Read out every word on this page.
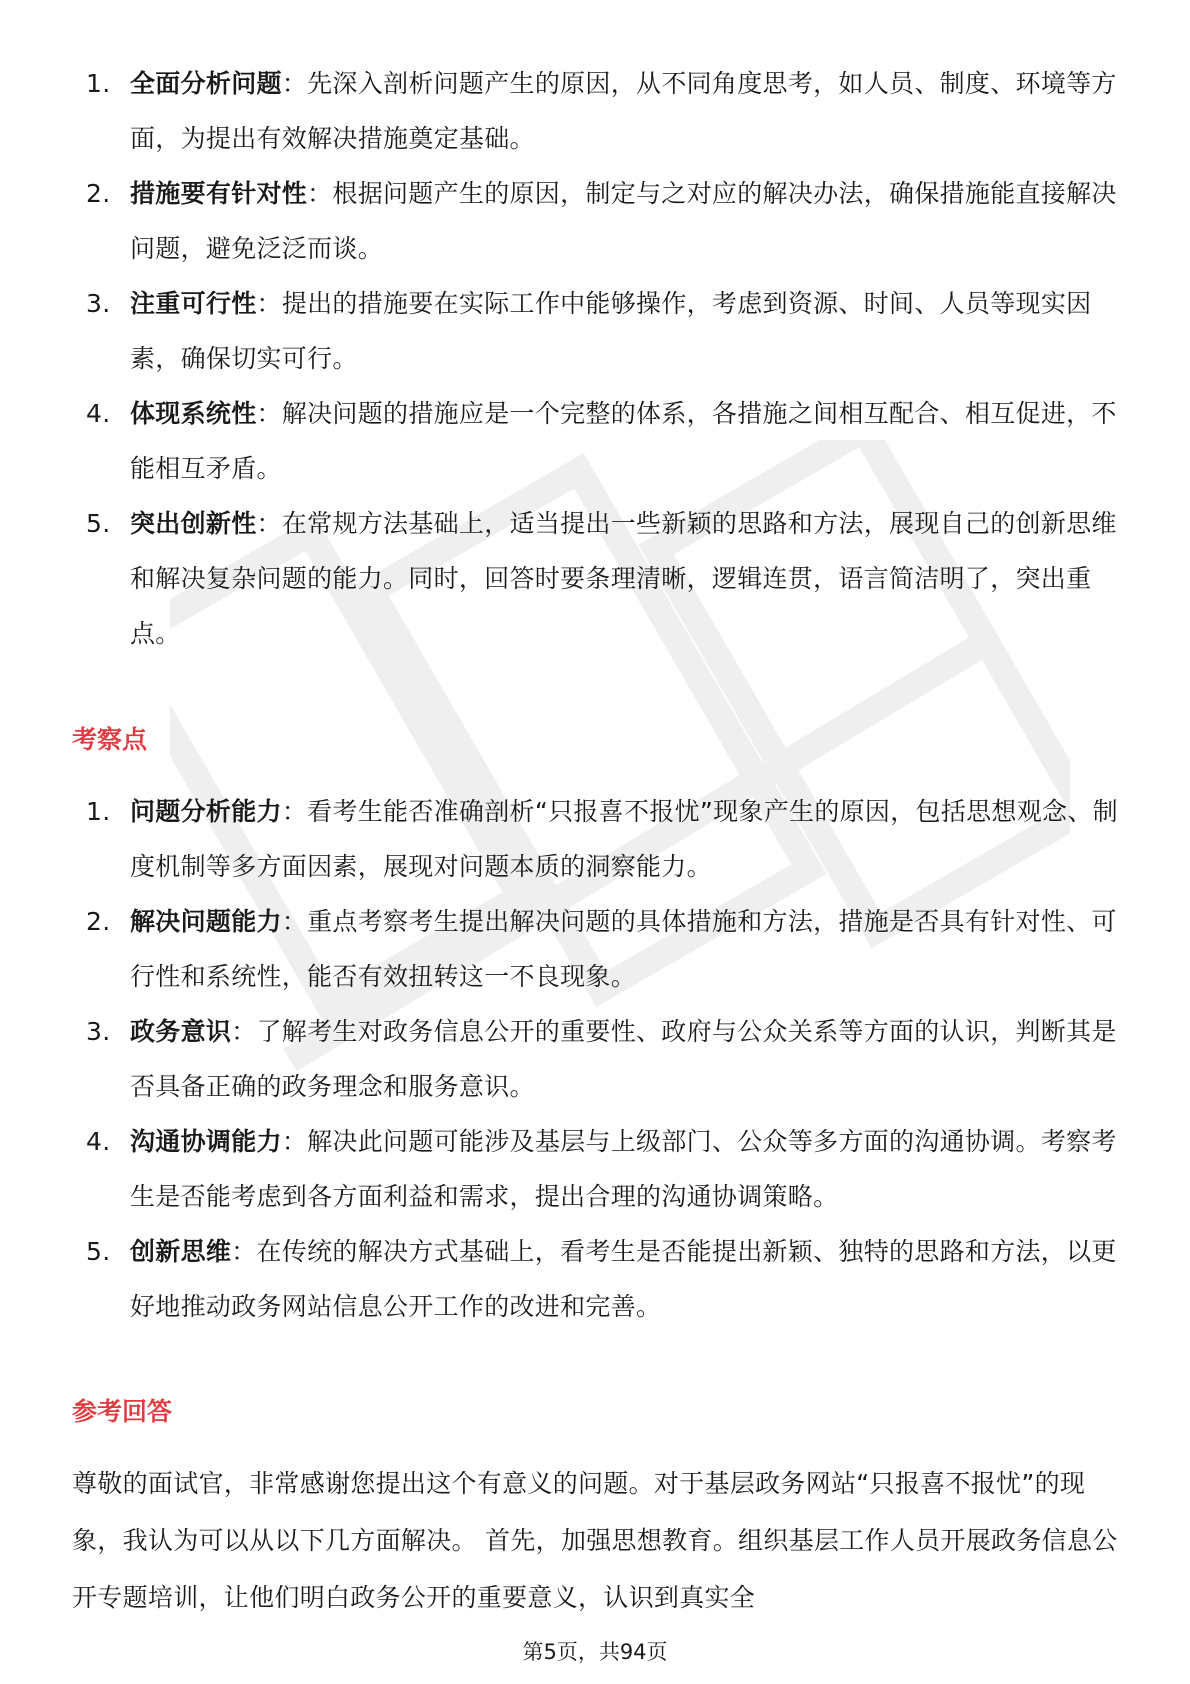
1. 全面分析问题：先深入剖析问题产生的原因，从不同角度思考，如人员、制度、环境等方面，为提出有效解决措施奠定基础。
2. 措施要有针对性：根据问题产生的原因，制定与之对应的解决办法，确保措施能直接解决问题，避免泛泛而谈。
3. 注重可行性：提出的措施要在实际工作中能够操作，考虑到资源、时间、人员等现实因素，确保切实可行。
4. 体现系统性：解决问题的措施应是一个完整的体系，各措施之间相互配合、相互促进，不能相互矛盾。
5. 突出创新性：在常规方法基础上，适当提出一些新颖的思路和方法，展现自己的创新思维和解决复杂问题的能力。同时，回答时要条理清晰，逻辑连贯，语言简洁明了，突出重点。
考察点
1. 问题分析能力：看考生能否准确剖析“只报喜不报忧”现象产生的原因，包括思想观念、制度机制等多方面因素，展现对问题本质的洞察能力。
2. 解决问题能力：重点考察考生提出解决问题的具体措施和方法，措施是否具有针对性、可行性和系统性，能否有效扭转这一不良现象。
3. 政务意识：了解考生对政务信息公开的重要性、政府与公众关系等方面的认识，判断其是否具备正确的政务理念和服务意识。
4. 沟通协调能力：解决此问题可能涉及基层与上级部门、公众等多方面的沟通协调。考察考生是否能考虑到各方面利益和需求，提出合理的沟通协调策略。
5. 创新思维：在传统的解决方式基础上，看考生是否能提出新颖、独特的思路和方法，以更好地推动政务网站信息公开工作的改进和完善。
参考回答

尊敬的面试官，非常感谢您提出这个有意义的问题。对于基层政务网站“只报喜不报忧”的现象，我认为可以从以下几方面解决。 首先，加强思想教育。组织基层工作人员开展政务信息公开专题培训，让他们明白政务公开的重要意义，认识到真实全

第5页，共94页
